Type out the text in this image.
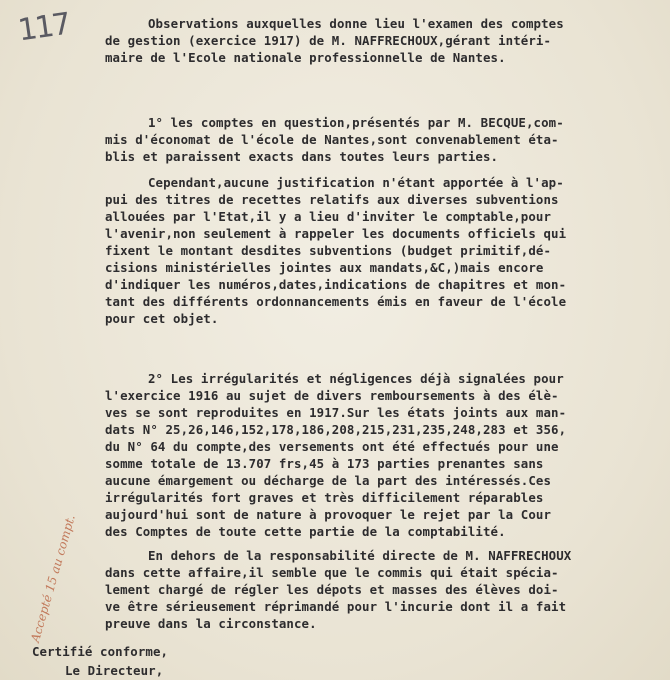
117
Accepté 15 au compt.
Observations auxquelles donne lieu l'examen des comptes
de gestion (exercice 1917) de M. NAFFRECHOUX,gérant intéri-
maire de l'Ecole nationale professionnelle de Nantes.
1° les comptes en question,présentés par M. BECQUE,com-
mis d'économat de l'école de Nantes,sont convenablement éta-
blis et paraissent exacts dans toutes leurs parties.
Cependant,aucune justification n'étant apportée à l'ap-
pui des titres de recettes relatifs aux diverses subventions
allouées par l'Etat,il y a lieu d'inviter le comptable,pour
l'avenir,non seulement à rappeler les documents officiels qui
fixent le montant desdites subventions (budget primitif,dé-
cisions ministérielles jointes aux mandats,&C,)mais encore
d'indiquer les numéros,dates,indications de chapitres et mon-
tant des différents ordonnancements émis en faveur de l'école
pour cet objet.
2° Les irrégularités et négligences déjà signalées pour
l'exercice 1916 au sujet de divers remboursements à des élè-
ves se sont reproduites en 1917.Sur les états joints aux man-
dats N° 25,26,146,152,178,186,208,215,231,235,248,283 et 356,
du N° 64 du compte,des versements ont été effectués pour une
somme totale de 13.707 frs,45 à 173 parties prenantes sans
aucune émargement ou décharge de la part des intéressés.Ces
irrégularités fort graves et très difficilement réparables
aujourd'hui sont de nature à provoquer le rejet par la Cour
des Comptes de toute cette partie de la comptabilité.
En dehors de la responsabilité directe de M. NAFFRECHOUX
dans cette affaire,il semble que le commis qui était spécia-
lement chargé de régler les dépots et masses des élèves doi-
ve être sérieusement réprimandé pour l'incurie dont il a fait
preuve dans la circonstance.
Certifié conforme,
Le Directeur,
